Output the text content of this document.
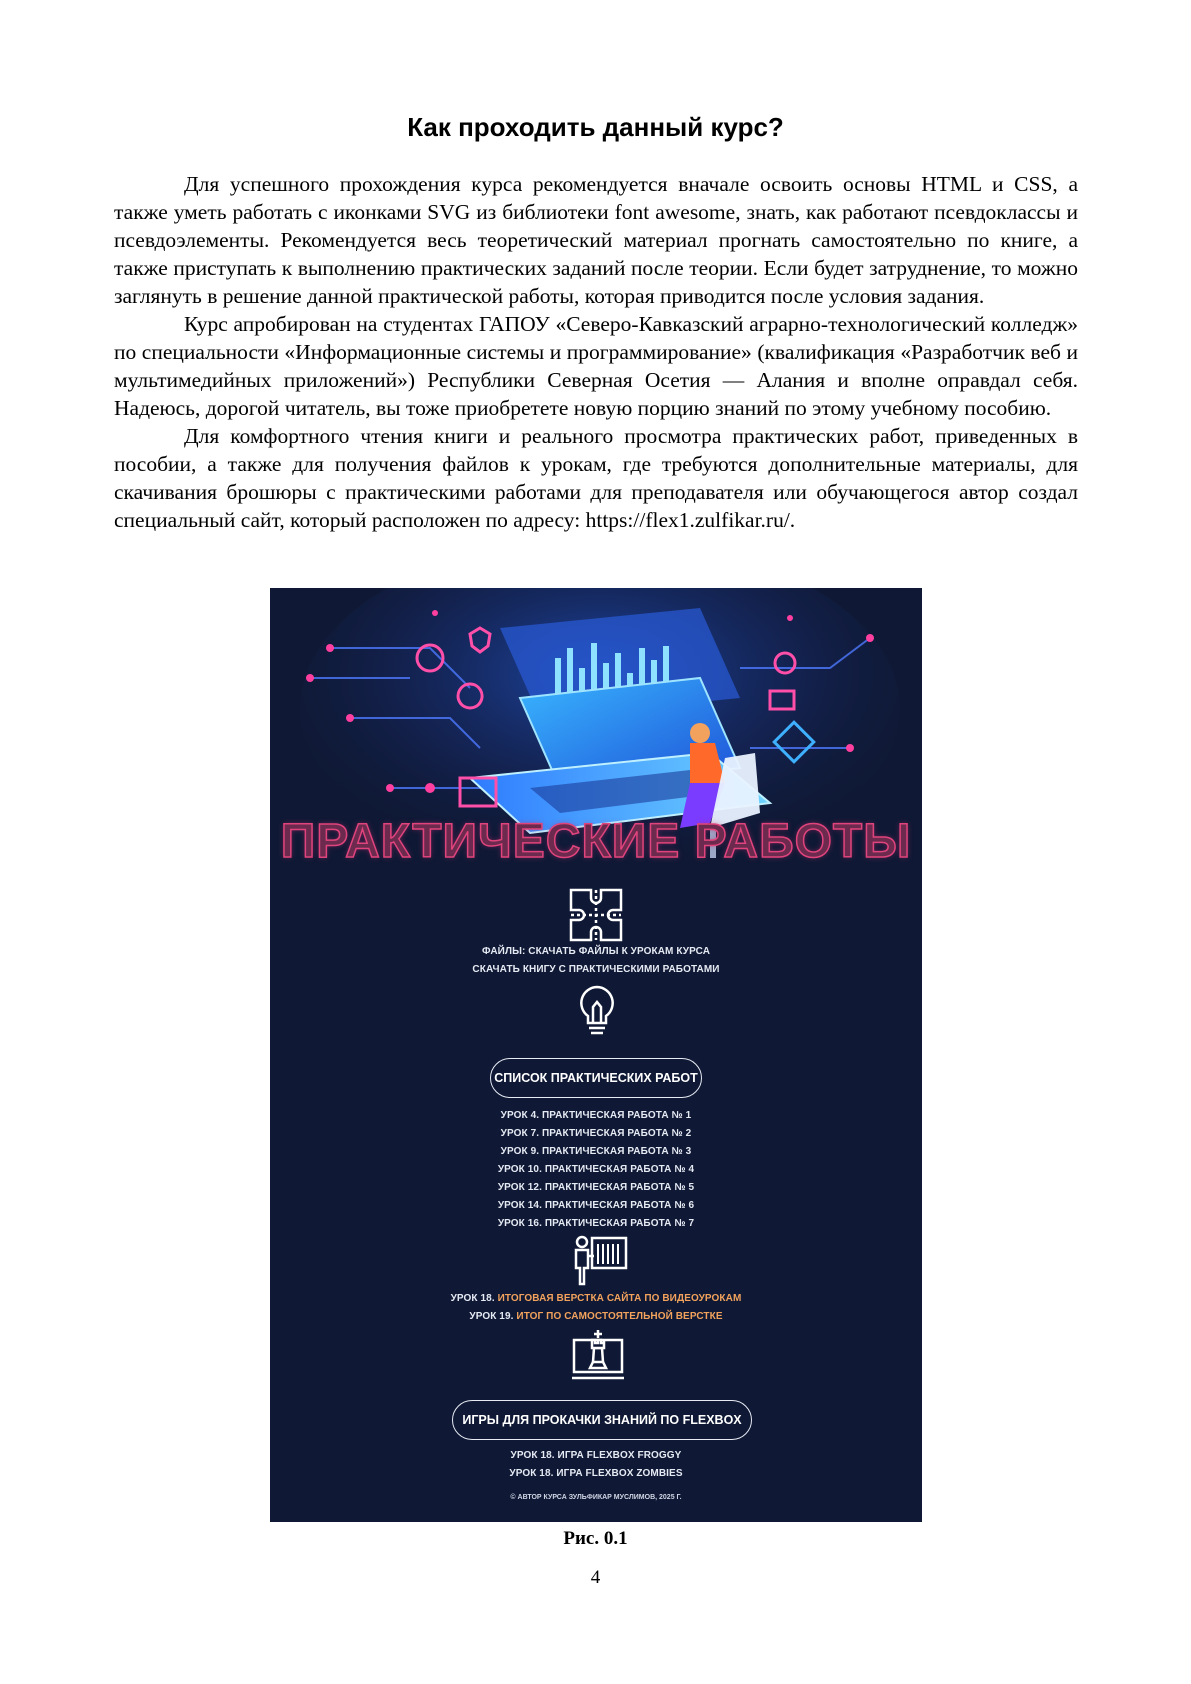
Как проходить данный курс?

Для успешного прохождения курса рекомендуется вначале освоить основы HTML и CSS, а также уметь работать с иконками SVG из библиотеки font awesome, знать, как работают псевдоклассы и псевдоэлементы. Рекомендуется весь теоретический материал прогнать самостоятельно по книге, а также приступать к выполнению практических заданий после теории. Если будет затруднение, то можно заглянуть в решение данной практической работы, которая приводится после условия задания.

Курс апробирован на студентах ГАПОУ «Северо-Кавказский аграрно-технологический колледж» по специальности «Информационные системы и программирование» (квалификация «Разработчик веб и мультимедийных приложений») Республики Северная Осетия — Алания и вполне оправдал себя. Надеюсь, дорогой читатель, вы тоже приобретете новую порцию знаний по этому учебному пособию.

Для комфортного чтения книги и реального просмотра практических работ, приведенных в пособии, а также для получения файлов к урокам, где требуются дополнительные материалы, для скачивания брошюры с практическими работами для преподавателя или обучающегося автор создал специальный сайт, который расположен по адресу: https://flex1.zulfikar.ru/.

ПРАКТИЧЕСКИЕ РАБОТЫ
ФАЙЛЫ: СКАЧАТЬ ФАЙЛЫ К УРОКАМ КУРСА
СКАЧАТЬ КНИГУ С ПРАКТИЧЕСКИМИ РАБОТАМИ
СПИСОК ПРАКТИЧЕСКИХ РАБОТ
УРОК 4. ПРАКТИЧЕСКАЯ РАБОТА № 1
УРОК 7. ПРАКТИЧЕСКАЯ РАБОТА № 2
УРОК 9. ПРАКТИЧЕСКАЯ РАБОТА № 3
УРОК 10. ПРАКТИЧЕСКАЯ РАБОТА № 4
УРОК 12. ПРАКТИЧЕСКАЯ РАБОТА № 5
УРОК 14. ПРАКТИЧЕСКАЯ РАБОТА № 6
УРОК 16. ПРАКТИЧЕСКАЯ РАБОТА № 7
УРОК 18. ИТОГОВАЯ ВЕРСТКА САЙТА ПО ВИДЕОУРОКАМ
УРОК 19. ИТОГ ПО САМОСТОЯТЕЛЬНОЙ ВЕРСТКЕ
ИГРЫ ДЛЯ ПРОКАЧКИ ЗНАНИЙ ПО FLEXBOX
УРОК 18. ИГРА FLEXBOX FROGGY
УРОК 18. ИГРА FLEXBOX ZOMBIES
© АВТОР КУРСА ЗУЛЬФИКАР МУСЛИМОВ, 2025 Г.
Рис. 0.1
4
